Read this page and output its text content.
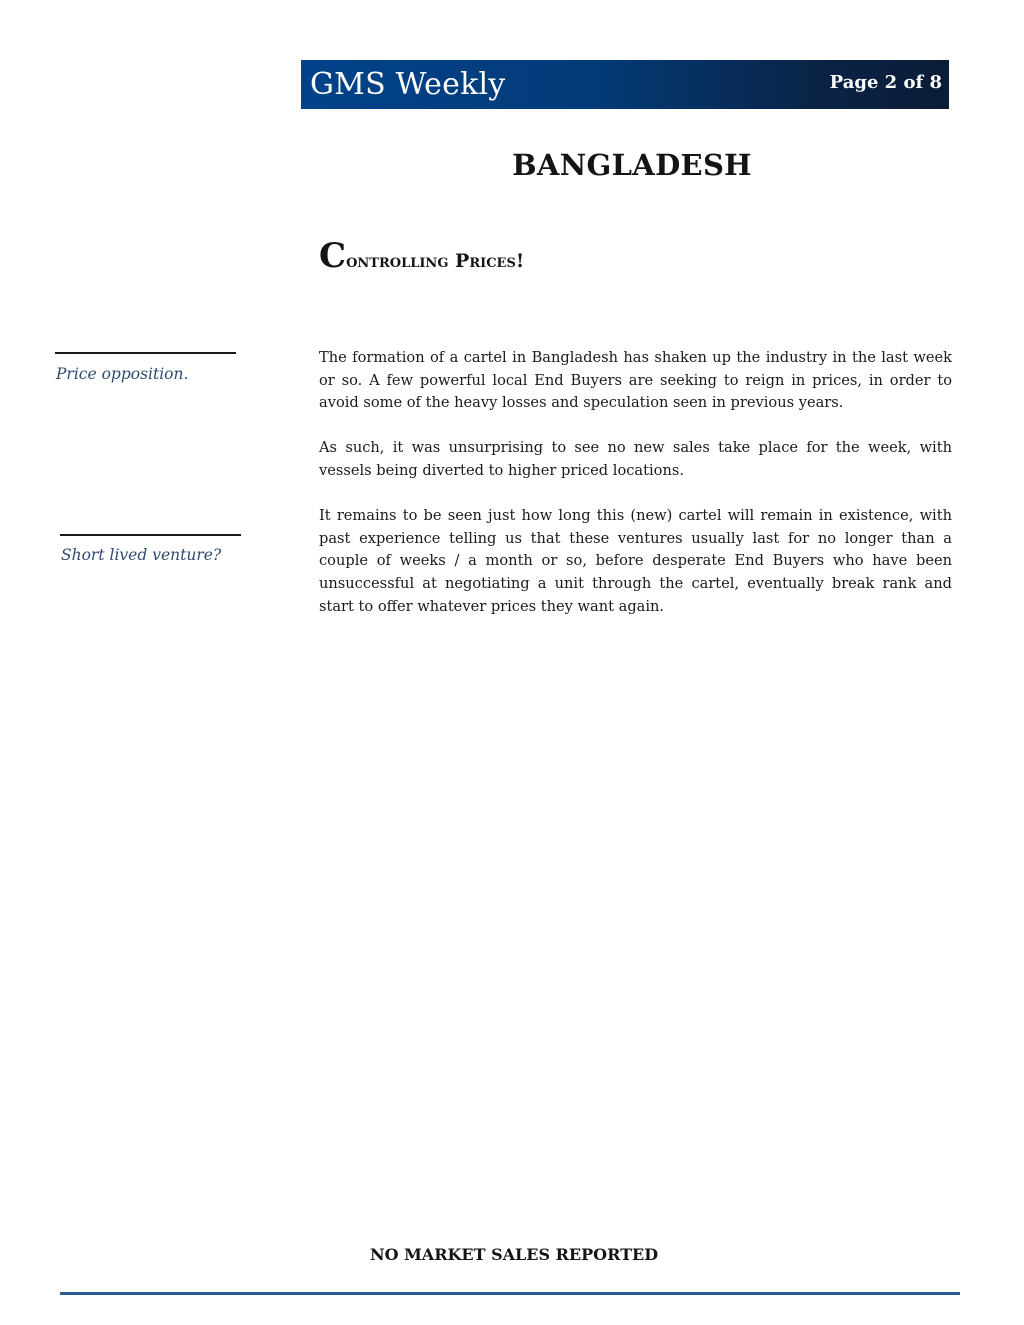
GMS Weekly	Page 2 of 8
BANGLADESH
Controlling Prices!
Price opposition.
Short lived venture?

The formation of a cartel in Bangladesh has shaken up the industry in the last week or so. A few powerful local End Buyers are seeking to reign in prices, in order to avoid some of the heavy losses and speculation seen in previous years.

As such, it was unsurprising to see no new sales take place for the week, with vessels being diverted to higher priced locations.

It remains to be seen just how long this (new) cartel will remain in existence, with past experience telling us that these ventures usually last for no longer than a couple of weeks / a month or so, before desperate End Buyers who have been unsuccessful at negotiating a unit through the cartel, eventually break rank and start to offer whatever prices they want again.

NO MARKET SALES REPORTED
